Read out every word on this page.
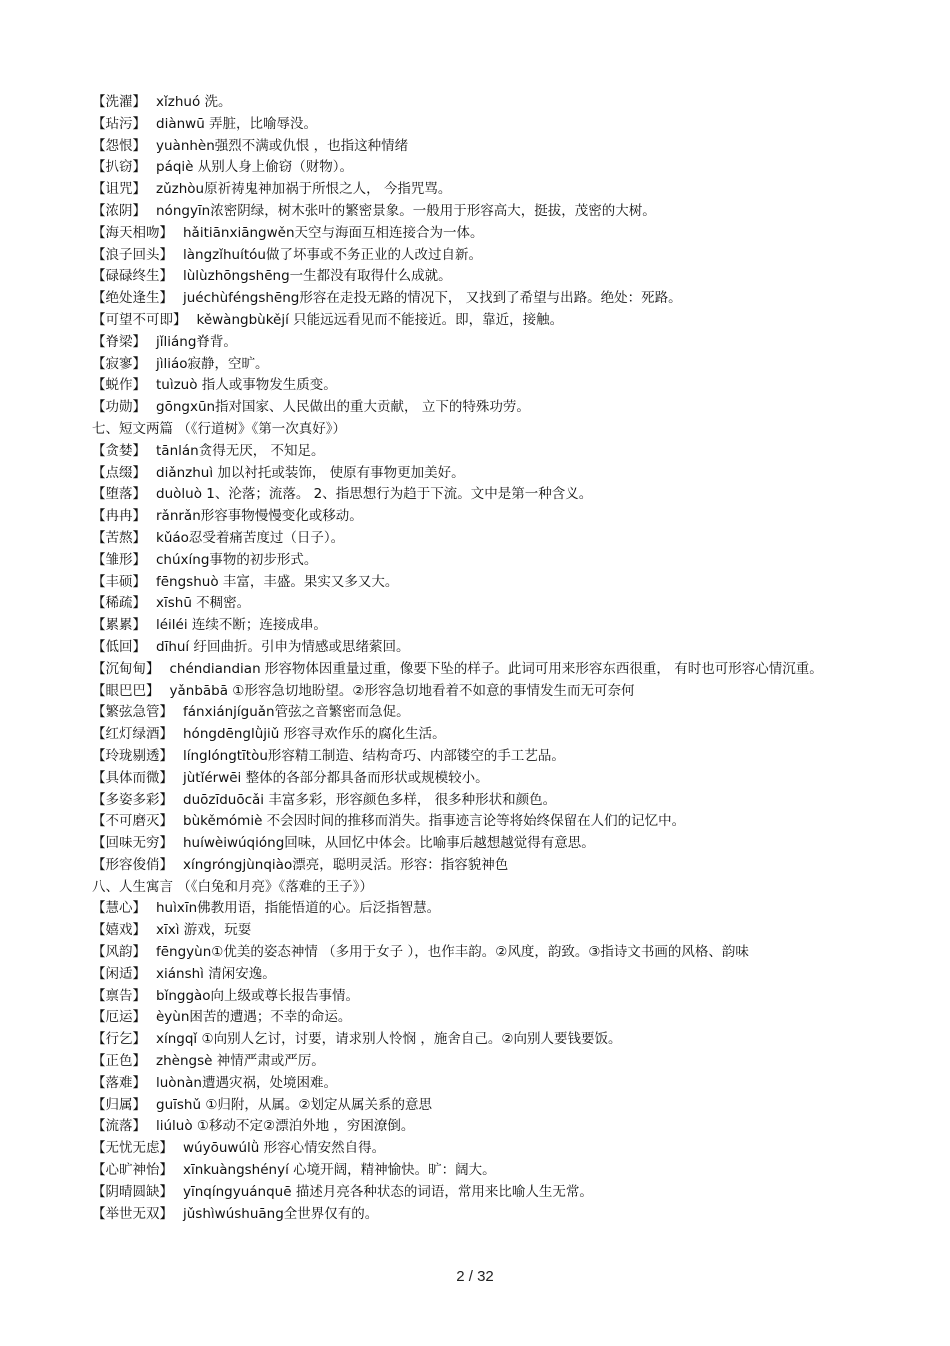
【洗濯】 xǐzhuó 洗。
【玷污】 diànwū 弄脏，比喻辱没。
【怨恨】 yuànhèn强烈不满或仇恨 ，也指这种情绪
【扒窃】 páqiè 从别人身上偷窃（财物）。
【诅咒】 zǔzhòu原祈祷鬼神加祸于所恨之人， 今指咒骂。
【浓阴】 nóngyīn浓密阴绿，树木张叶的繁密景象。一般用于形容高大，挺拔，茂密的大树。
【海天相吻】 hǎitiānxiāngwěn天空与海面互相连接合为一体。
【浪子回头】 làngzǐhuítóu做了坏事或不务正业的人改过自新。
【碌碌终生】 lùlùzhōngshēng一生都没有取得什么成就。
【绝处逢生】 juéchùféngshēng形容在走投无路的情况下， 又找到了希望与出路。绝处：死路。
【可望不可即】 kěwàngbùkějí 只能远远看见而不能接近。即，靠近，接触。
【脊梁】 jǐliáng脊背。
【寂寥】 jìliáo寂静，空旷。
【蜕作】 tuìzuò 指人或事物发生质变。
【功勋】 gōngxūn指对国家、人民做出的重大贡献， 立下的特殊功劳。
七、短文两篇 （《行道树》《第一次真好》）
【贪婪】 tānlán贪得无厌， 不知足。
【点缀】 diǎnzhuì 加以衬托或装饰， 使原有事物更加美好。
【堕落】 duòluò 1、沦落；流落。 2、指思想行为趋于下流。文中是第一种含义。
【冉冉】 rǎnrǎn形容事物慢慢变化或移动。
【苦熬】 kǔáo忍受着痛苦度过（日子）。
【雏形】 chúxíng事物的初步形式。
【丰硕】 fēngshuò 丰富，丰盛。果实又多又大。
【稀疏】 xīshū 不稠密。
【累累】 léiléi 连续不断；连接成串。
【低回】 dīhuí 纡回曲折。引申为情感或思绪萦回。
【沉甸甸】 chéndiandian 形容物体因重量过重，像要下坠的样子。此词可用来形容东西很重， 有时也可形容心情沉重。
【眼巴巴】 yǎnbābā ①形容急切地盼望。②形容急切地看着不如意的事情发生而无可奈何
【繁弦急管】 fánxiánjíguǎn管弦之音繁密而急促。
【红灯绿酒】 hóngdēnglǜjiǔ 形容寻欢作乐的腐化生活。
【玲珑剔透】 línglóngtītòu形容精工制造、结构奇巧、内部镂空的手工艺品。
【具体而微】 jùtǐérwēi 整体的各部分都具备而形状或规模较小。
【多姿多彩】 duōzīduōcǎi 丰富多彩，形容颜色多样， 很多种形状和颜色。
【不可磨灭】 bùkěmómiè 不会因时间的推移而消失。指事迹言论等将始终保留在人们的记忆中。
【回味无穷】 huíwèiwúqióng回味，从回忆中体会。比喻事后越想越觉得有意思。
【形容俊俏】 xíngróngjùnqiào漂亮，聪明灵活。形容：指容貌神色
八、人生寓言 （《白兔和月亮》《落难的王子》）
【慧心】 huìxīn佛教用语，指能悟道的心。后泛指智慧。
【嬉戏】 xīxì 游戏，玩耍
【风韵】 fēngyùn①优美的姿态神情 （多用于女子 ），也作丰韵。②风度，韵致。③指诗文书画的风格、韵味
【闲适】 xiánshì 清闲安逸。
【禀告】 bǐnggào向上级或尊长报告事情。
【厄运】 èyùn困苦的遭遇；不幸的命运。
【行乞】 xíngqǐ ①向别人乞讨，讨要，请求别人怜悯 ，施舍自己。②向别人要钱要饭。
【正色】 zhèngsè 神情严肃或严厉。
【落难】 luònàn遭遇灾祸，处境困难。
【归属】 guīshǔ ①归附，从属。②划定从属关系的意思
【流落】 liúluò ①移动不定②漂泊外地 ，穷困潦倒。
【无忧无虑】 wúyōuwúlǜ 形容心情安然自得。
【心旷神怡】 xīnkuàngshényí 心境开阔，精神愉快。旷：阔大。
【阴晴圆缺】 yīnqíngyuánquē 描述月亮各种状态的词语，常用来比喻人生无常。
【举世无双】 jǔshìwúshuāng全世界仅有的。
2 / 32
